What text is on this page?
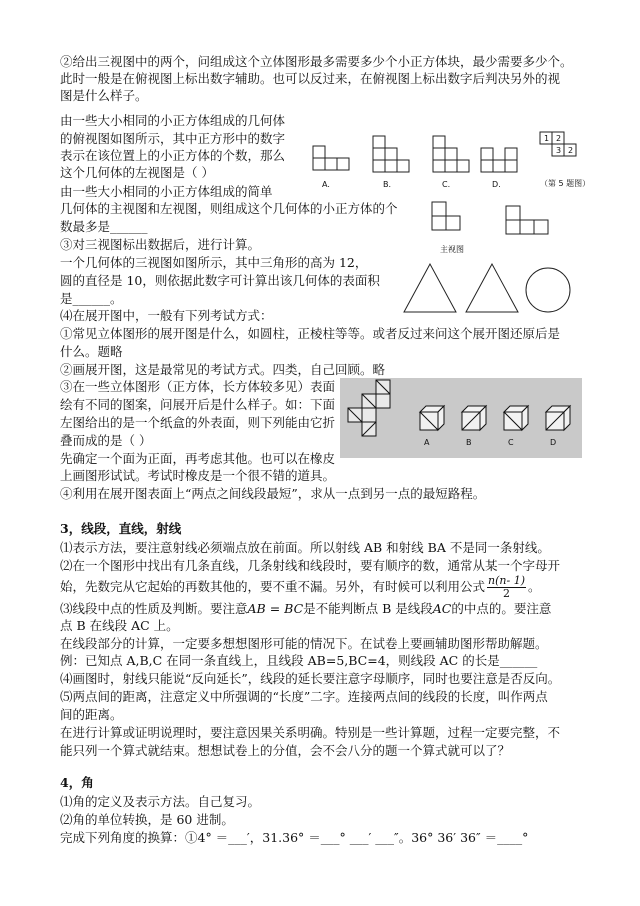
②给出三视图中的两个，问组成这个立体图形最多需要多少个小正方体块，最少需要多少个。
此时一般是在俯视图上标出数字辅助。也可以反过来，在俯视图上标出数字后判决另外的视
图是什么样子。
由一些大小相同的小正方体组成的几何体
的俯视图如图所示，其中正方形中的数字
表示在该位置上的小正方体的个数，那么
这个几何体的左视图是（ ）
由一些大小相同的小正方体组成的简单
几何体的主视图和左视图，则组成这个几何体的小正方体的个
数最多是______
③对三视图标出数据后，进行计算。
一个几何体的三视图如图所示，其中三角形的高为 12，
圆的直径是 10，则依据此数字可计算出该几何体的表面积
是______。
⑷在展开图中，一般有下列考试方式：
①常见立体图形的展开图是什么，如圆柱，正棱柱等等。或者反过来问这个展开图还原后是
什么。题略
②画展开图，这是最常见的考试方式。四类，自己回顾。略
③在一些立体图形（正方体，长方体较多见）表面
绘有不同的图案，问展开后是什么样子。如：下面
左图给出的是一个纸盒的外表面，则下列能由它折
叠而成的是（ ）
先确定一个面为正面，再考虑其他。也可以在橡皮
上画图形试试。考试时橡皮是一个很不错的道具。
④利用在展开图表面上“两点之间线段最短”，求从一点到另一点的最短路程。
A.	B.	C.	D.
1 2
3 2
（第 5 题图）
主视图
A	B	C	D
3，线段，直线，射线
⑴表示方法，要注意射线必须端点放在前面。所以射线 AB 和射线 BA 不是同一条射线。
⑵在一个图形中找出有几条直线，几条射线和线段时，要有顺序的数，通常从某一个字母开
始，先数完从它起始的再数其他的，要不重不漏。另外，有时候可以利用公式 $\frac{n(n- 1)}{2}$ 。
⑶线段中点的性质及判断。要注意AB = BC是不能判断点 B 是线段AC的中点的。要注意
点 B 在线段 AC 上。
在线段部分的计算，一定要多想想图形可能的情况下。在试卷上要画辅助图形帮助解题。
例：已知点 A,B,C 在同一条直线上，且线段 AB=5,BC=4，则线段 AC 的长是______
⑷画图时，射线只能说“反向延长”，线段的延长要注意字母顺序，同时也要注意是否反向。
⑸两点间的距离，注意定义中所强调的“长度”二字。连接两点间的线段的长度，叫作两点
间的距离。
在进行计算或证明说理时，要注意因果关系明确。特别是一些计算题，过程一定要完整，不
能只列一个算式就结束。想想试卷上的分值，会不会八分的题一个算式就可以了？
4，角
⑴角的定义及表示方法。自己复习。
⑵角的单位转换，是 60 进制。
完成下列角度的换算：①4° ＝___′，31.36° ＝___° ___′ ___″。36° 36′ 36″ ＝____°
